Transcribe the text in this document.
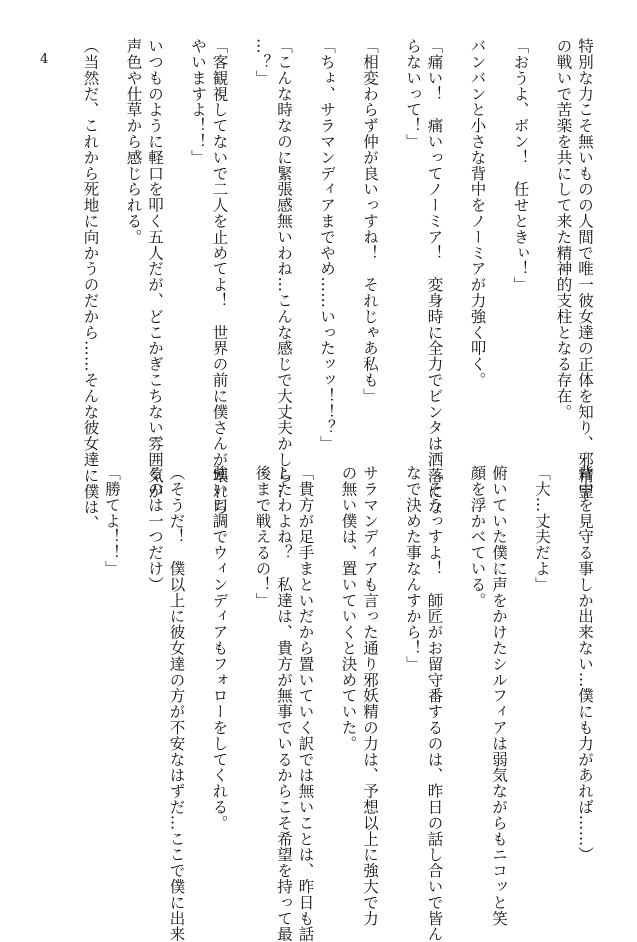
4	特別な力こそ無いものの人間で唯一彼女達の正体を知り、邪精霊
の戦いで苦楽を共にして来た精神的支柱となる存在。
「おうよ、ボン！　任せときぃ！」
バンバンと小さな背中をノーミアが力強く叩く。
「痛い！　痛いってノーミア！　変身時に全力でビンタは洒落にな
らないって！」
「相変わらず仲が良いっすね！　それじゃあ私も」
「ちょ、サラマンディアまでやめ……いったッッ！！？」
「こんな時なのに緊張感無いわね…こんな感じで大丈夫かしら…
…？」
「客観視してないで二人を止めてよ！　世界の前に僕さんが壊れち
やいますよ！！」
いつものように軽口を叩く五人だが、どこかぎこちない雰囲気が
声色や仕草から感じられる。
（当然だ、これから死地に向かうのだから……そんな彼女達に僕は、
背中を見守る事しか出来ない…僕にも力があれば……）
「大…丈夫だよ」
俯いていた僕に声をかけたシルフィアは弱気ながらもニコッと笑
顔を浮かべている。
「そうっすよ！　師匠がお留守番するのは、昨日の話し合いで皆ん
なで決めた事なんすから！」
サラマンディアも言った通り邪妖精の力は、予想以上に強大で力
の無い僕は、置いていくと決めていた。
「貴方が足手まといだから置いていく訳では無いことは、昨日も話
したわよね？　私達は、貴方が無事でいるからこそ希望を持って最
後まで戦えるの！」
強い口調でウィンディアもフォローをしてくれる。
（そうだ！　僕以上に彼女達の方が不安なはずだ…ここで僕に出来
るのは一つだけ）
「勝てよ！！」
